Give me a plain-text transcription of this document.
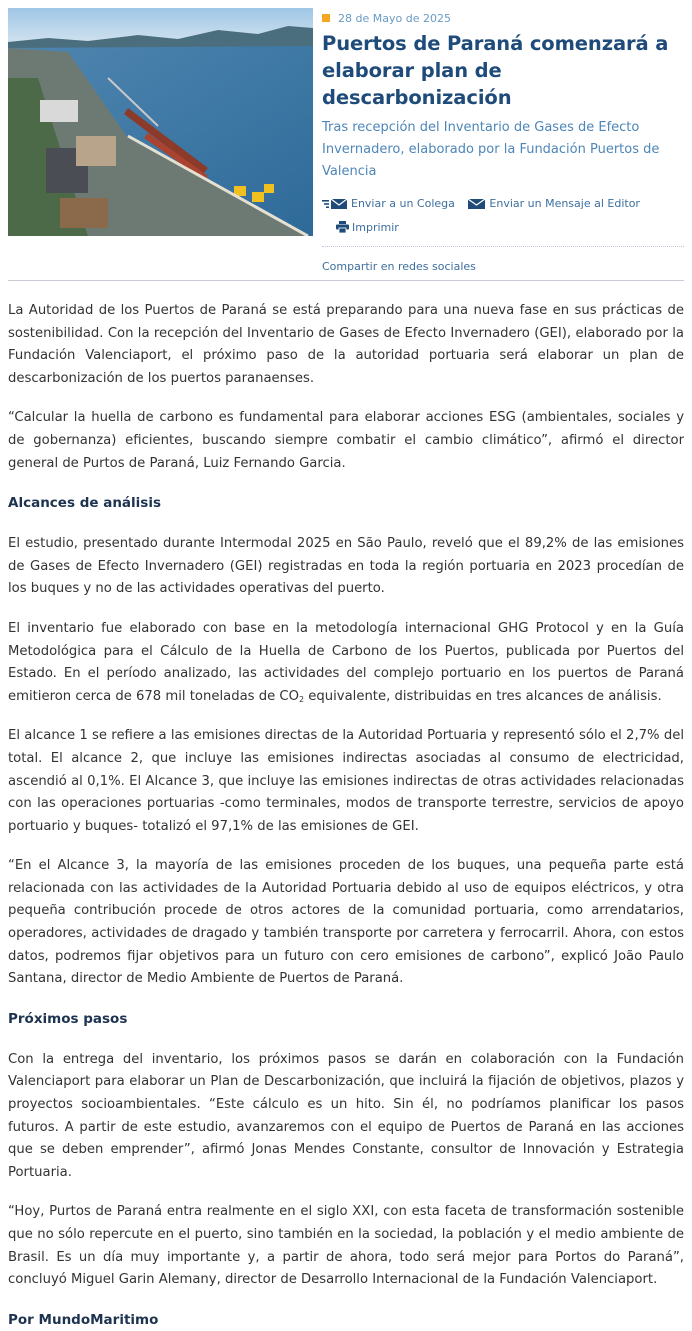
28 de Mayo de 2025
Puertos de Paraná comenzará a elaborar plan de descarbonización

Tras recepción del Inventario de Gases de Efecto Invernadero, elaborado por la Fundación Puertos de Valencia

Enviar a un Colega
	Enviar un Mensaje al Editor

Imprimir
Compartir en redes sociales

La Autoridad de los Puertos de Paraná se está preparando para una nueva fase en sus prácticas de sostenibilidad. Con la recepción del Inventario de Gases de Efecto Invernadero (GEI), elaborado por la Fundación Valenciaport, el próximo paso de la autoridad portuaria será elaborar un plan de descarbonización de los puertos paranaenses.

“Calcular la huella de carbono es fundamental para elaborar acciones ESG (ambientales, sociales y de gobernanza) eficientes, buscando siempre combatir el cambio climático”, afirmó el director general de Purtos de Paraná, Luiz Fernando Garcia.

Alcances de análisis

El estudio, presentado durante Intermodal 2025 en São Paulo, reveló que el 89,2% de las emisiones de Gases de Efecto Invernadero (GEI) registradas en toda la región portuaria en 2023 procedían de los buques y no de las actividades operativas del puerto.

El inventario fue elaborado con base en la metodología internacional GHG Protocol y en la Guía Metodológica para el Cálculo de la Huella de Carbono de los Puertos, publicada por Puertos del Estado. En el período analizado, las actividades del complejo portuario en los puertos de Paraná emitieron cerca de 678 mil toneladas de $CO_2$ equivalente, distribuidas en tres alcances de análisis.

El alcance 1 se refiere a las emisiones directas de la Autoridad Portuaria y representó sólo el 2,7% del total. El alcance 2, que incluye las emisiones indirectas asociadas al consumo de electricidad, ascendió al 0,1%. El Alcance 3, que incluye las emisiones indirectas de otras actividades relacionadas con las operaciones portuarias -como terminales, modos de transporte terrestre, servicios de apoyo portuario y buques- totalizó el 97,1% de las emisiones de GEI.

“En el Alcance 3, la mayoría de las emisiones proceden de los buques, una pequeña parte está relacionada con las actividades de la Autoridad Portuaria debido al uso de equipos eléctricos, y otra pequeña contribución procede de otros actores de la comunidad portuaria, como arrendatarios, operadores, actividades de dragado y también transporte por carretera y ferrocarril. Ahora, con estos datos, podremos fijar objetivos para un futuro con cero emisiones de carbono”, explicó João Paulo Santana, director de Medio Ambiente de Puertos de Paraná.

Próximos pasos

Con la entrega del inventario, los próximos pasos se darán en colaboración con la Fundación Valenciaport para elaborar un Plan de Descarbonización, que incluirá la fijación de objetivos, plazos y proyectos socioambientales. “Este cálculo es un hito. Sin él, no podríamos planificar los pasos futuros. A partir de este estudio, avanzaremos con el equipo de Puertos de Paraná en las acciones que se deben emprender”, afirmó Jonas Mendes Constante, consultor de Innovación y Estrategia Portuaria.

“Hoy, Purtos de Paraná entra realmente en el siglo XXI, con esta faceta de transformación sostenible que no sólo repercute en el puerto, sino también en la sociedad, la población y el medio ambiente de Brasil. Es un día muy importante y, a partir de ahora, todo será mejor para Portos do Paraná”, concluyó Miguel Garin Alemany, director de Desarrollo Internacional de la Fundación Valenciaport.

Por MundoMaritimo
